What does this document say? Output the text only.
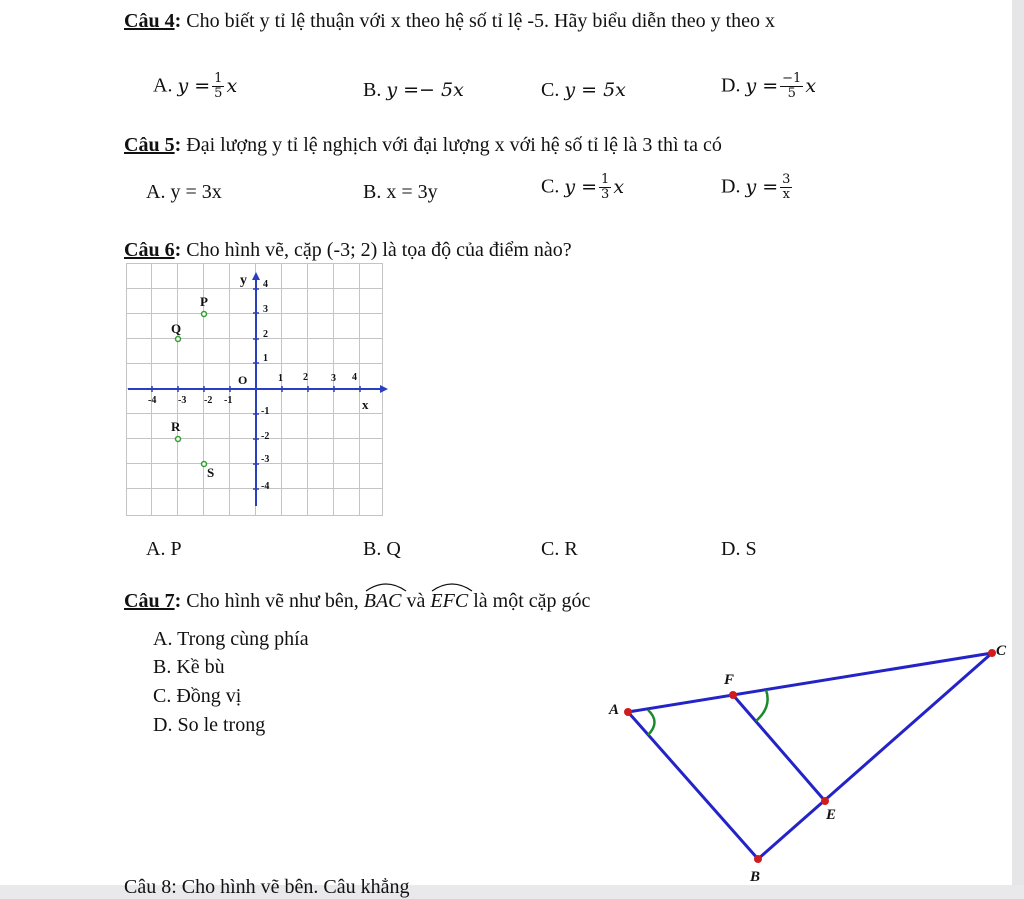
Câu 4: Cho biết y tỉ lệ thuận với x theo hệ số tỉ lệ -5. Hãy biểu diễn theo y theo x
A. $y = \frac{1}{5}$ x	B. y =− 5x	C. y = 5x	D. $y = \frac{-1}{5}$ x
Câu 5: Đại lượng y tỉ lệ nghịch với đại lượng x với hệ số tỉ lệ là 3 thì ta có
A. y = 3x	B. x = 3y	C. $y = \frac{1}{3}$ x	D. $y = \frac{3}{x}$
Câu 6: Cho hình vẽ, cặp (-3; 2) là tọa độ của điểm nào?
y
x
O	1 2 3 4
-4 -3 -2 -1
1
2
3
4
-1
-2
-3
-4
P
Q
R
S
A. P	B. Q	C. R	D. S
Câu 7: Cho hình vẽ như bên, BAC và EFC là một cặp góc
A. Trong cùng phía
B. Kề bù
C. Đồng vị
D. So le trong
A
F
C
E
B
Câu 8: Cho hình vẽ bên. Câu khẳng
